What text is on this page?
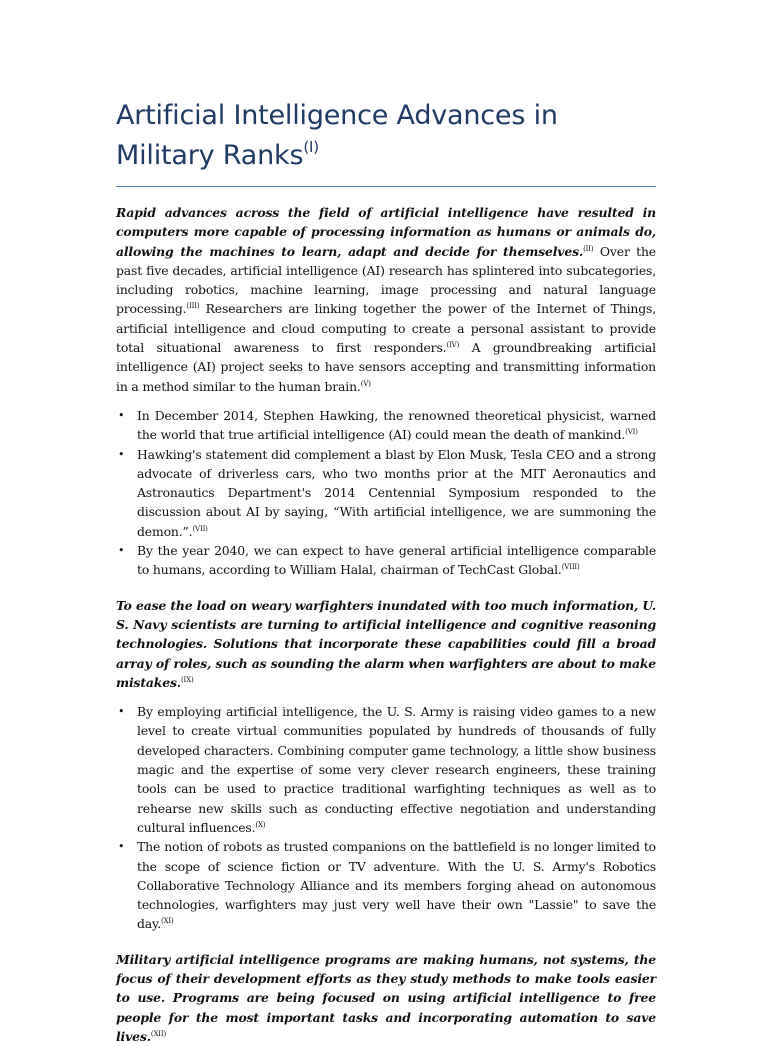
Artificial Intelligence Advances in Military Ranks$^{(I)}$

Rapid advances across the field of artificial intelligence have resulted in computers more capable of processing information as humans or animals do, allowing the machines to learn, adapt and decide for themselves.$^{(II)}$ Over the past five decades, artificial intelligence (AI) research has splintered into subcategories, including robotics, machine learning, image processing and natural language processing.$^{(III)}$ Researchers are linking together the power of the Internet of Things, artificial intelligence and cloud computing to create a personal assistant to provide total situational awareness to first responders.$^{(IV)}$ A groundbreaking artificial intelligence (AI) project seeks to have sensors accepting and transmitting information in a method similar to the human brain.$^{(V)}$

• In December 2014, Stephen Hawking, the renowned theoretical physicist, warned the world that true artificial intelligence (AI) could mean the death of mankind.$^{(VI)}$
• Hawking's statement did complement a blast by Elon Musk, Tesla CEO and a strong advocate of driverless cars, who two months prior at the MIT Aeronautics and Astronautics Department's 2014 Centennial Symposium responded to the discussion about AI by saying, “With artificial intelligence, we are summoning the demon.”.$^{(VII)}$
• By the year 2040, we can expect to have general artificial intelligence comparable to humans, according to William Halal, chairman of TechCast Global.$^{(VIII)}$

To ease the load on weary warfighters inundated with too much information, U. S. Navy scientists are turning to artificial intelligence and cognitive reasoning technologies. Solutions that incorporate these capabilities could fill a broad array of roles, such as sounding the alarm when warfighters are about to make mistakes.$^{(IX)}$

• By employing artificial intelligence, the U. S. Army is raising video games to a new level to create virtual communities populated by hundreds of thousands of fully developed characters. Combining computer game technology, a little show business magic and the expertise of some very clever research engineers, these training tools can be used to practice traditional warfighting techniques as well as to rehearse new skills such as conducting effective negotiation and understanding cultural influences.$^{(X)}$
• The notion of robots as trusted companions on the battlefield is no longer limited to the scope of science fiction or TV adventure. With the U. S. Army's Robotics Collaborative Technology Alliance and its members forging ahead on autonomous technologies, warfighters may just very well have their own "Lassie" to save the day.$^{(XI)}$

Military artificial intelligence programs are making humans, not systems, the focus of their development efforts as they study methods to make tools easier to use. Programs are being focused on using artificial intelligence to free people for the most important tasks and incorporating automation to save lives.$^{(XII)}$
